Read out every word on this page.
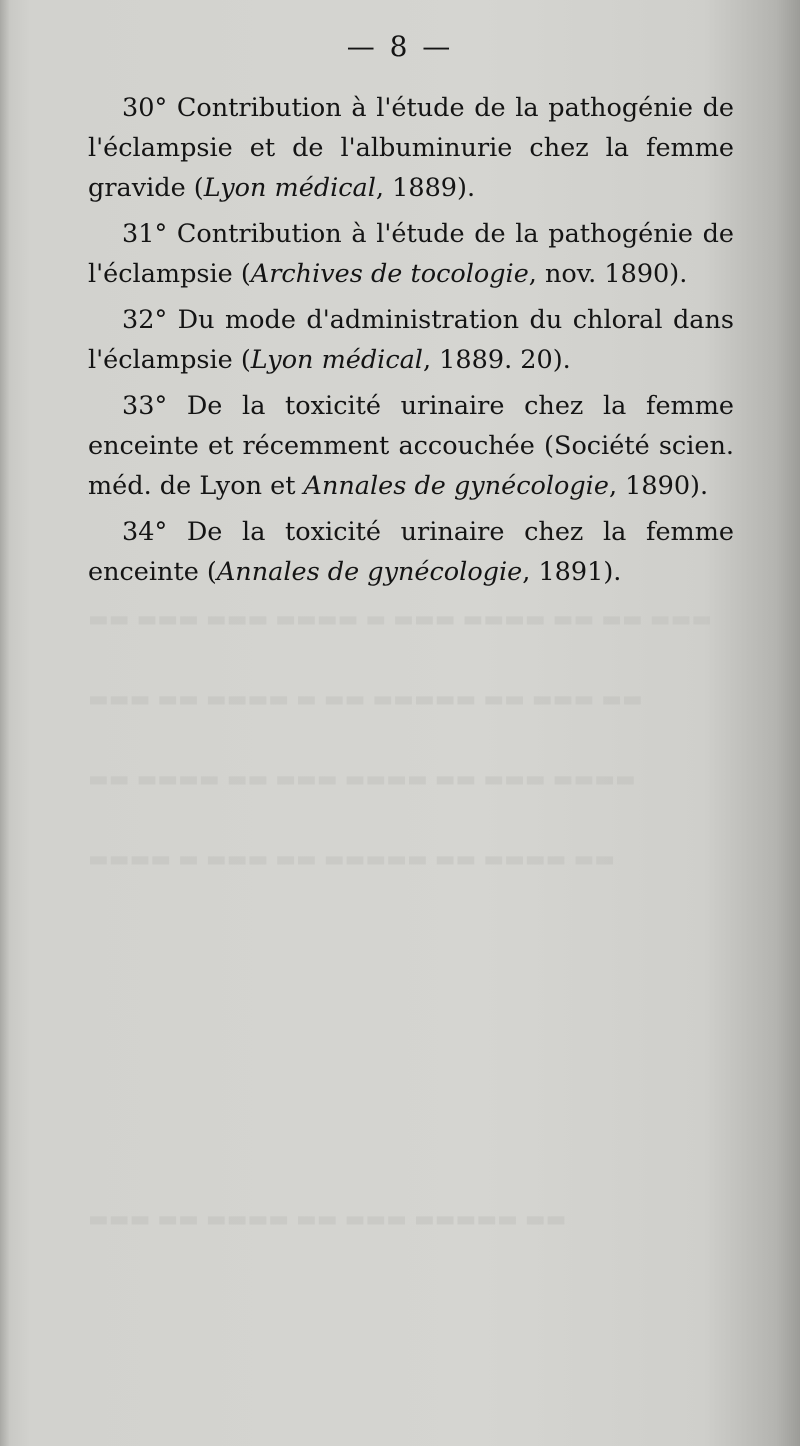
— 8 —
▬▬ ▬▬▬ ▬▬▬ ▬▬▬▬ ▬ ▬▬▬ ▬▬▬▬ ▬▬ ▬▬ ▬▬▬
▬▬▬ ▬▬ ▬▬▬▬ ▬ ▬▬ ▬▬▬▬▬ ▬▬ ▬▬▬ ▬▬
▬▬ ▬▬▬▬ ▬▬ ▬▬▬ ▬▬▬▬ ▬▬ ▬▬▬ ▬▬▬▬
▬▬▬▬ ▬ ▬▬▬ ▬▬ ▬▬▬▬▬ ▬▬ ▬▬▬▬ ▬▬
▬▬▬ ▬▬ ▬▬▬▬ ▬▬ ▬▬▬ ▬▬▬▬▬ ▬▬

30° Contribution à l'étude de la pathogénie de l'éclampsie et de l'albuminurie chez la femme gravide (Lyon médical, 1889).

31° Contribution à l'étude de la pathogénie de l'éclampsie (Archives de tocologie, nov. 1890).

32° Du mode d'administration du chloral dans l'éclampsie (Lyon médical, 1889. 20).

33° De la toxicité urinaire chez la femme enceinte et récemment accouchée (Société scien. méd. de Lyon et Annales de gynécologie, 1890).

34° De la toxicité urinaire chez la femme enceinte (Annales de gynécologie, 1891).
